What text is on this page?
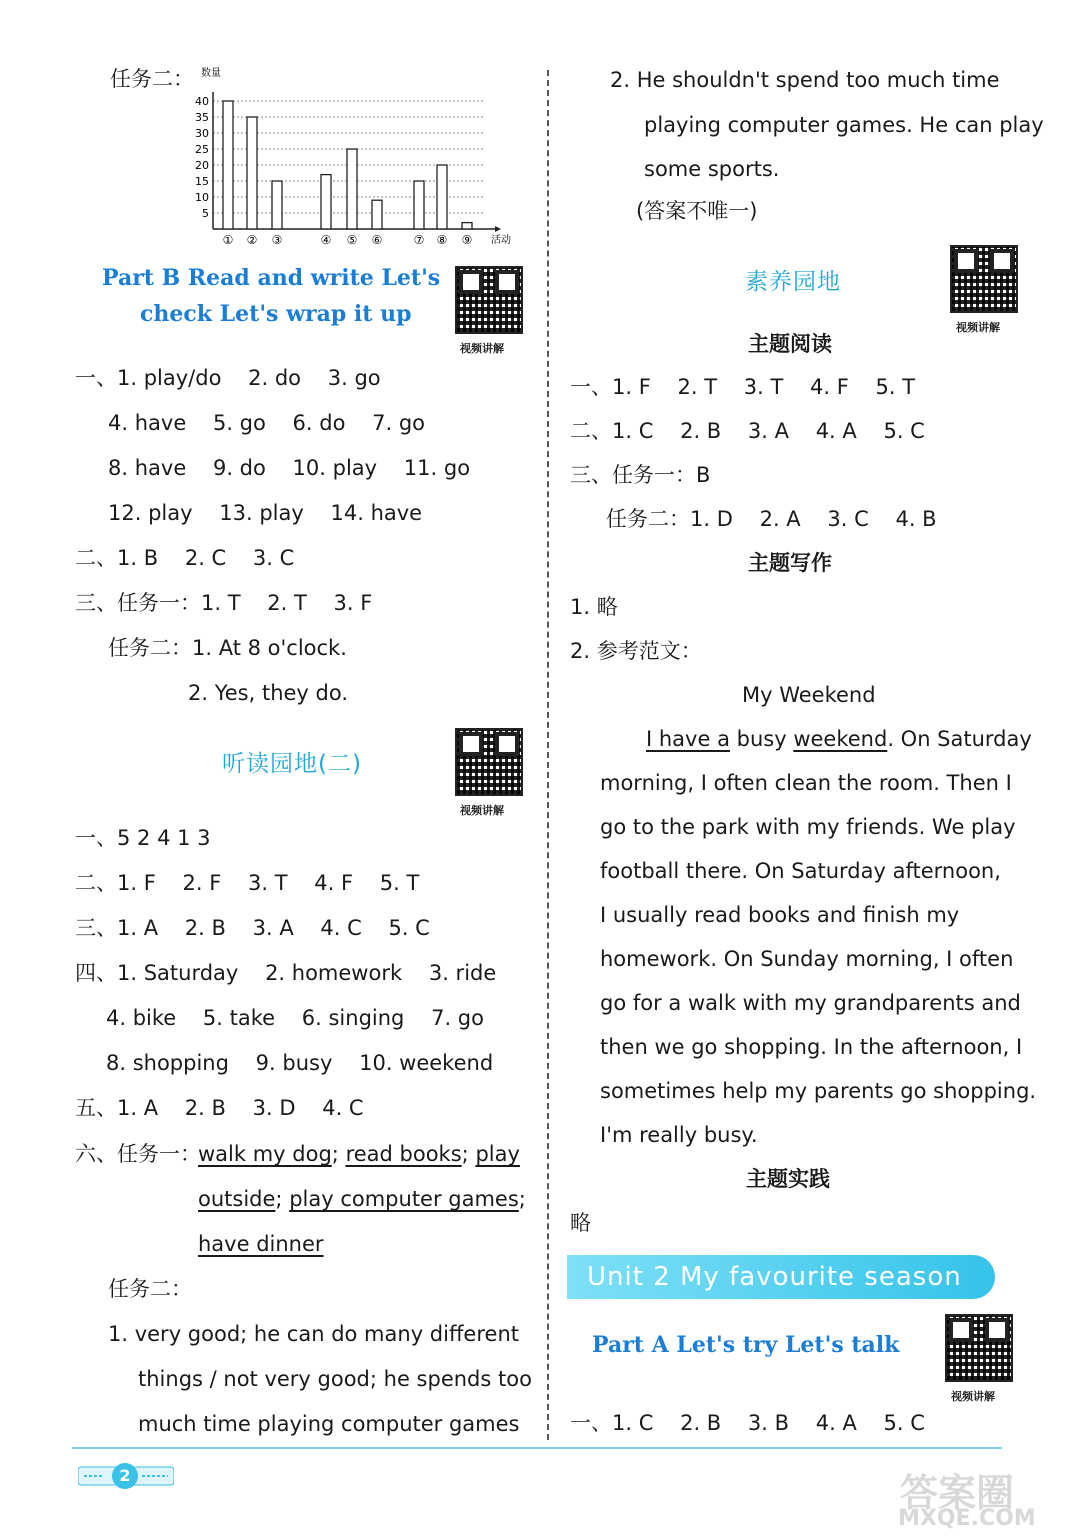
任务二： 数量
5
10
15
20
25
30
35
40
① ② ③	④ ⑤ ⑥	⑦ ⑧ ⑨ 活动
Part B Read and write Let's
check Let's wrap it up
视频讲解
一、1. play/do 2. do 3. go
4. have 5. go 6. do 7. go
8. have 9. do 10. play 11. go
12. play 13. play 14. have
二、1. B 2. C 3. C
三、任务一：1. T 2. T 3. F
任务二：1. At 8 o'clock.
2. Yes, they do.
听读园地(二)
视频讲解
一、5 2 4 1 3
二、1. F 2. F 3. T 4. F 5. T
三、1. A 2. B 3. A 4. C 5. C
四、1. Saturday 2. homework 3. ride
4. bike 5. take 6. singing 7. go
8. shopping 9. busy 10. weekend
五、1. A 2. B 3. D 4. C
六、任务一：
walk my dog; read books; play
outside; play computer games;
have dinner
任务二：
1. very good; he can do many different
things / not very good; he spends too
much time playing computer games
2. He shouldn't spend too much time
playing computer games. He can play
some sports.
(答案不唯一)
素养园地
视频讲解
主题阅读
一、1. F 2. T 3. T 4. F 5. T
二、1. C 2. B 3. A 4. A 5. C
三、任务一：B
任务二：1. D 2. A 3. C 4. B
主题写作
1. 略
2. 参考范文：
My Weekend
I have a busy weekend. On Saturday
morning, I often clean the room. Then I
go to the park with my friends. We play
football there. On Saturday afternoon,
I usually read books and finish my
homework. On Sunday morning, I often
go for a walk with my grandparents and
then we go shopping. In the afternoon, I
sometimes help my parents go shopping.
I'm really busy.
主题实践
略
Unit 2 My favourite season
Part A Let's try Let's talk
视频讲解
一、1. C 2. B 3. B 4. A 5. C
2	答案圈
MXQE.COM
